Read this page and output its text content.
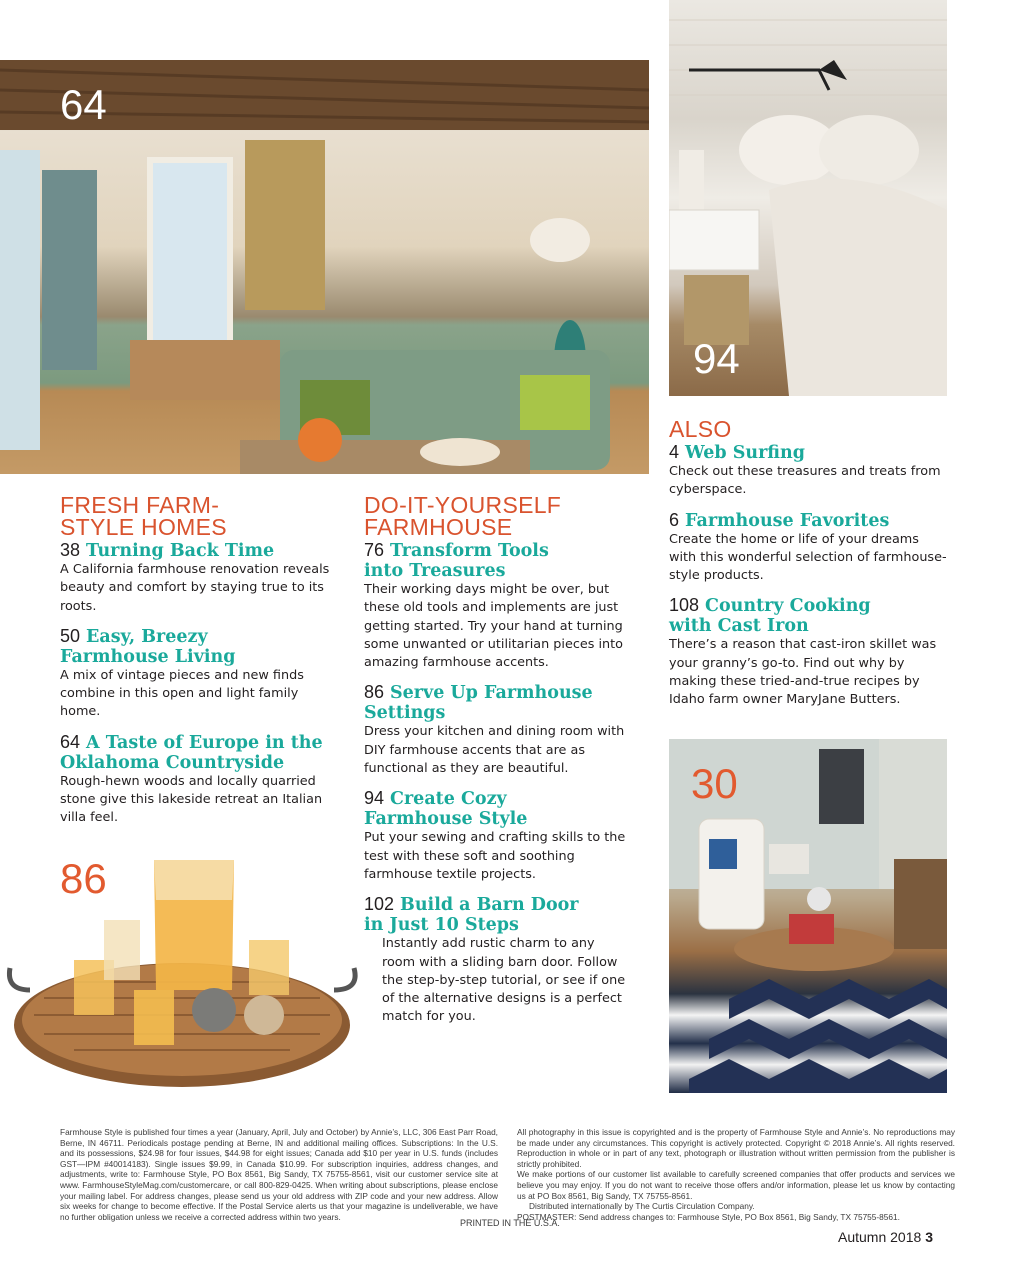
64
94
30
86
FRESH FARM-
STYLE HOMES
38 Turning Back Time
A California farmhouse renovation reveals beauty and comfort by staying true to its roots.
50 Easy, Breezy
Farmhouse Living
A mix of vintage pieces and new finds combine in this open and light family home.
64 A Taste of Europe in the
Oklahoma Countryside
Rough-hewn woods and locally quarried stone give this lakeside retreat an Italian villa feel.
DO-IT-YOURSELF
FARMHOUSE
76 Transform Tools
into Treasures
Their working days might be over, but these old tools and implements are just getting started. Try your hand at turning some unwanted or utilitarian pieces into amazing farmhouse accents.
86 Serve Up Farmhouse
Settings
Dress your kitchen and dining room with DIY farmhouse accents that are as functional as they are beautiful.
94 Create Cozy
Farmhouse Style
Put your sewing and crafting skills to the test with these soft and soothing farmhouse textile projects.
102 Build a Barn Door
in Just 10 Steps
Instantly add rustic charm to any room with a sliding barn door. Follow the step-by-step tutorial, or see if one of the alternative designs is a perfect match for you.
ALSO
4 Web Surfing
Check out these treasures and treats from cyberspace.
6 Farmhouse Favorites
Create the home or life of your dreams with this wonderful selection of farmhouse-style products.
108 Country Cooking
with Cast Iron
There’s a reason that cast-iron skillet was your granny’s go-to. Find out why by making these tried-and-true recipes by Idaho farm owner MaryJane Butters.
Farmhouse Style is published four times a year (January, April, July and October) by Annie’s, LLC, 306 East Parr Road, Berne, IN 46711. Periodicals postage pending at Berne, IN and additional mailing offices. Subscriptions: In the U.S. and its possessions, $24.98 for four issues, $44.98 for eight issues; Canada add $10 per year in U.S. funds (includes GST—IPM #40014183). Single issues $9.99, in Canada $10.99. For subscription inquiries, address changes, and adjustments, write to: Farmhouse Style, PO Box 8561, Big Sandy, TX 75755-8561, visit our customer service site at www. FarmhouseStyleMag.com/customercare, or call 800-829-0425. When writing about subscriptions, please enclose your mailing label. For address changes, please send us your old address with ZIP code and your new address. Allow six weeks for change to become effective. If the Postal Service alerts us that your magazine is undeliverable, we have no further obligation unless we receive a corrected address within two years.
All photography in this issue is copyrighted and is the property of Farmhouse Style and Annie’s. No reproductions may be made under any circumstances. This copyright is actively protected. Copyright © 2018 Annie’s. All rights reserved. Reproduction in whole or in part of any text, photograph or illustration without written permission from the publisher is strictly prohibited.
We make portions of our customer list available to carefully screened companies that offer products and services we believe you may enjoy. If you do not want to receive those offers and/or information, please let us know by contacting us at PO Box 8561, Big Sandy, TX 75755-8561.
Distributed internationally by The Curtis Circulation Company.
POSTMASTER: Send address changes to: Farmhouse Style, PO Box 8561, Big Sandy, TX 75755-8561.
PRINTED IN THE U.S.A.
Autumn 2018 3
